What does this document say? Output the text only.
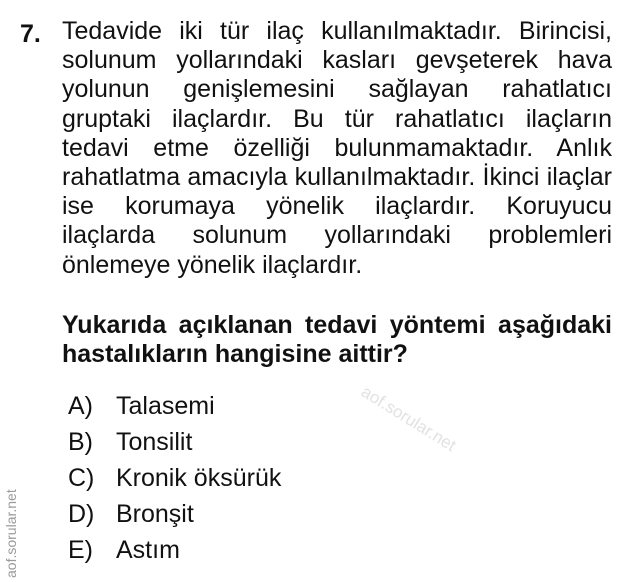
7. Tedavide iki tür ilaç kullanılmaktadır. Birincisi, solunum yollarındaki kasları gevşeterek hava yolunun genişlemesini sağlayan rahatlatıcı gruptaki ilaçlardır. Bu tür rahatlatıcı ilaçların tedavi etme özelliği bulunmamaktadır. Anlık rahatlatma amacıyla kullanılmaktadır. İkinci ilaçlar ise korumaya yönelik ilaçlardır. Koruyucu ilaçlarda solunum yollarındaki problemleri önlemeye yönelik ilaçlardır.

Yukarıda açıklanan tedavi yöntemi aşağıdaki hastalıkların hangisine aittir?

A) Talasemi
B) Tonsilit
C) Kronik öksürük
D) Bronşit
E) Astım
aof.sorular.net
aof.sorular.net
